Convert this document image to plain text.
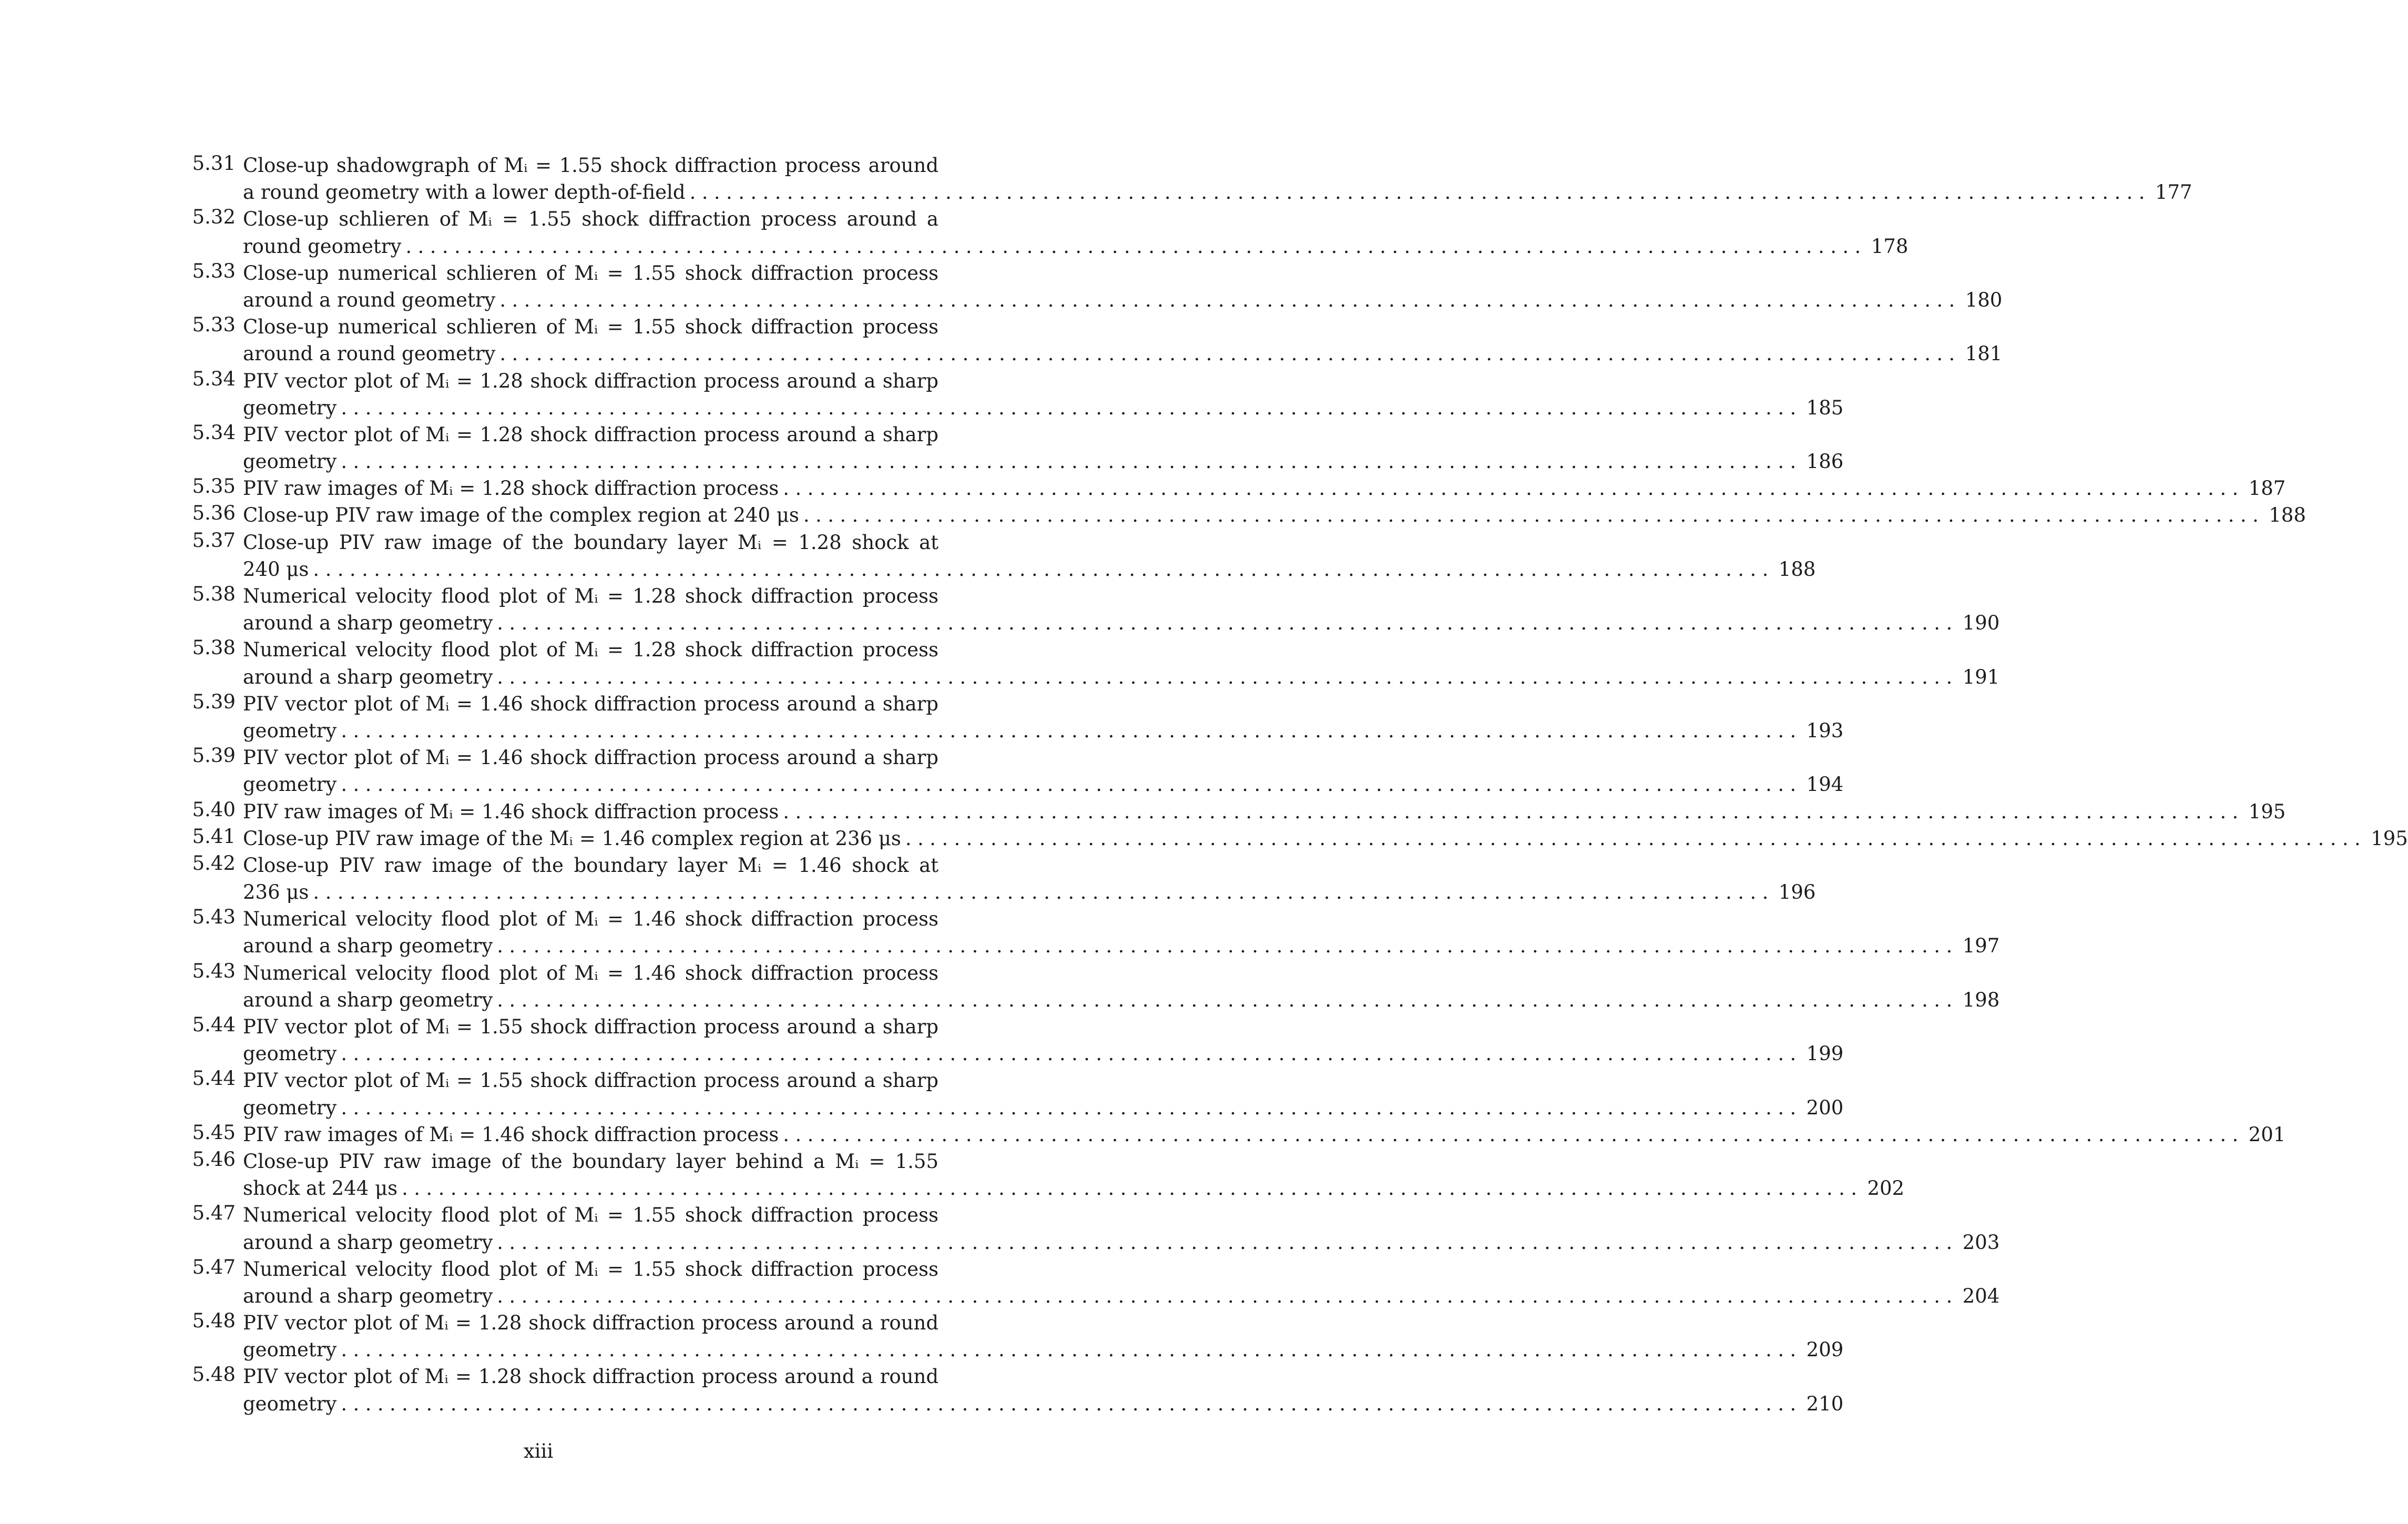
5.31 Close-up shadowgraph of Mᵢ = 1.55 shock diffraction process around
a round geometry with a lower depth-of-field ........................................................................................................................ 177
5.32 Close-up schlieren of Mᵢ = 1.55 shock diffraction process around a
round geometry ........................................................................................................................ 178
5.33 Close-up numerical schlieren of Mᵢ = 1.55 shock diffraction process
around a round geometry ........................................................................................................................ 180
5.33 Close-up numerical schlieren of Mᵢ = 1.55 shock diffraction process
around a round geometry ........................................................................................................................ 181
5.34 PIV vector plot of Mᵢ = 1.28 shock diffraction process around a sharp
geometry ........................................................................................................................ 185
5.34 PIV vector plot of Mᵢ = 1.28 shock diffraction process around a sharp
geometry ........................................................................................................................ 186
5.35 PIV raw images of Mᵢ = 1.28 shock diffraction process ........................................................................................................................ 187
5.36 Close-up PIV raw image of the complex region at 240 μs ........................................................................................................................ 188
5.37 Close-up PIV raw image of the boundary layer Mᵢ = 1.28 shock at
240 μs ........................................................................................................................ 188
5.38 Numerical velocity flood plot of Mᵢ = 1.28 shock diffraction process
around a sharp geometry ........................................................................................................................ 190
5.38 Numerical velocity flood plot of Mᵢ = 1.28 shock diffraction process
around a sharp geometry ........................................................................................................................ 191
5.39 PIV vector plot of Mᵢ = 1.46 shock diffraction process around a sharp
geometry ........................................................................................................................ 193
5.39 PIV vector plot of Mᵢ = 1.46 shock diffraction process around a sharp
geometry ........................................................................................................................ 194
5.40 PIV raw images of Mᵢ = 1.46 shock diffraction process ........................................................................................................................ 195
5.41 Close-up PIV raw image of the Mᵢ = 1.46 complex region at 236 μs ........................................................................................................................ 195
5.42 Close-up PIV raw image of the boundary layer Mᵢ = 1.46 shock at
236 μs ........................................................................................................................ 196
5.43 Numerical velocity flood plot of Mᵢ = 1.46 shock diffraction process
around a sharp geometry ........................................................................................................................ 197
5.43 Numerical velocity flood plot of Mᵢ = 1.46 shock diffraction process
around a sharp geometry ........................................................................................................................ 198
5.44 PIV vector plot of Mᵢ = 1.55 shock diffraction process around a sharp
geometry ........................................................................................................................ 199
5.44 PIV vector plot of Mᵢ = 1.55 shock diffraction process around a sharp
geometry ........................................................................................................................ 200
5.45 PIV raw images of Mᵢ = 1.46 shock diffraction process ........................................................................................................................ 201
5.46 Close-up PIV raw image of the boundary layer behind a Mᵢ = 1.55
shock at 244 μs ........................................................................................................................ 202
5.47 Numerical velocity flood plot of Mᵢ = 1.55 shock diffraction process
around a sharp geometry ........................................................................................................................ 203
5.47 Numerical velocity flood plot of Mᵢ = 1.55 shock diffraction process
around a sharp geometry ........................................................................................................................ 204
5.48 PIV vector plot of Mᵢ = 1.28 shock diffraction process around a round
geometry ........................................................................................................................ 209
5.48 PIV vector plot of Mᵢ = 1.28 shock diffraction process around a round
geometry ........................................................................................................................ 210
xiii
